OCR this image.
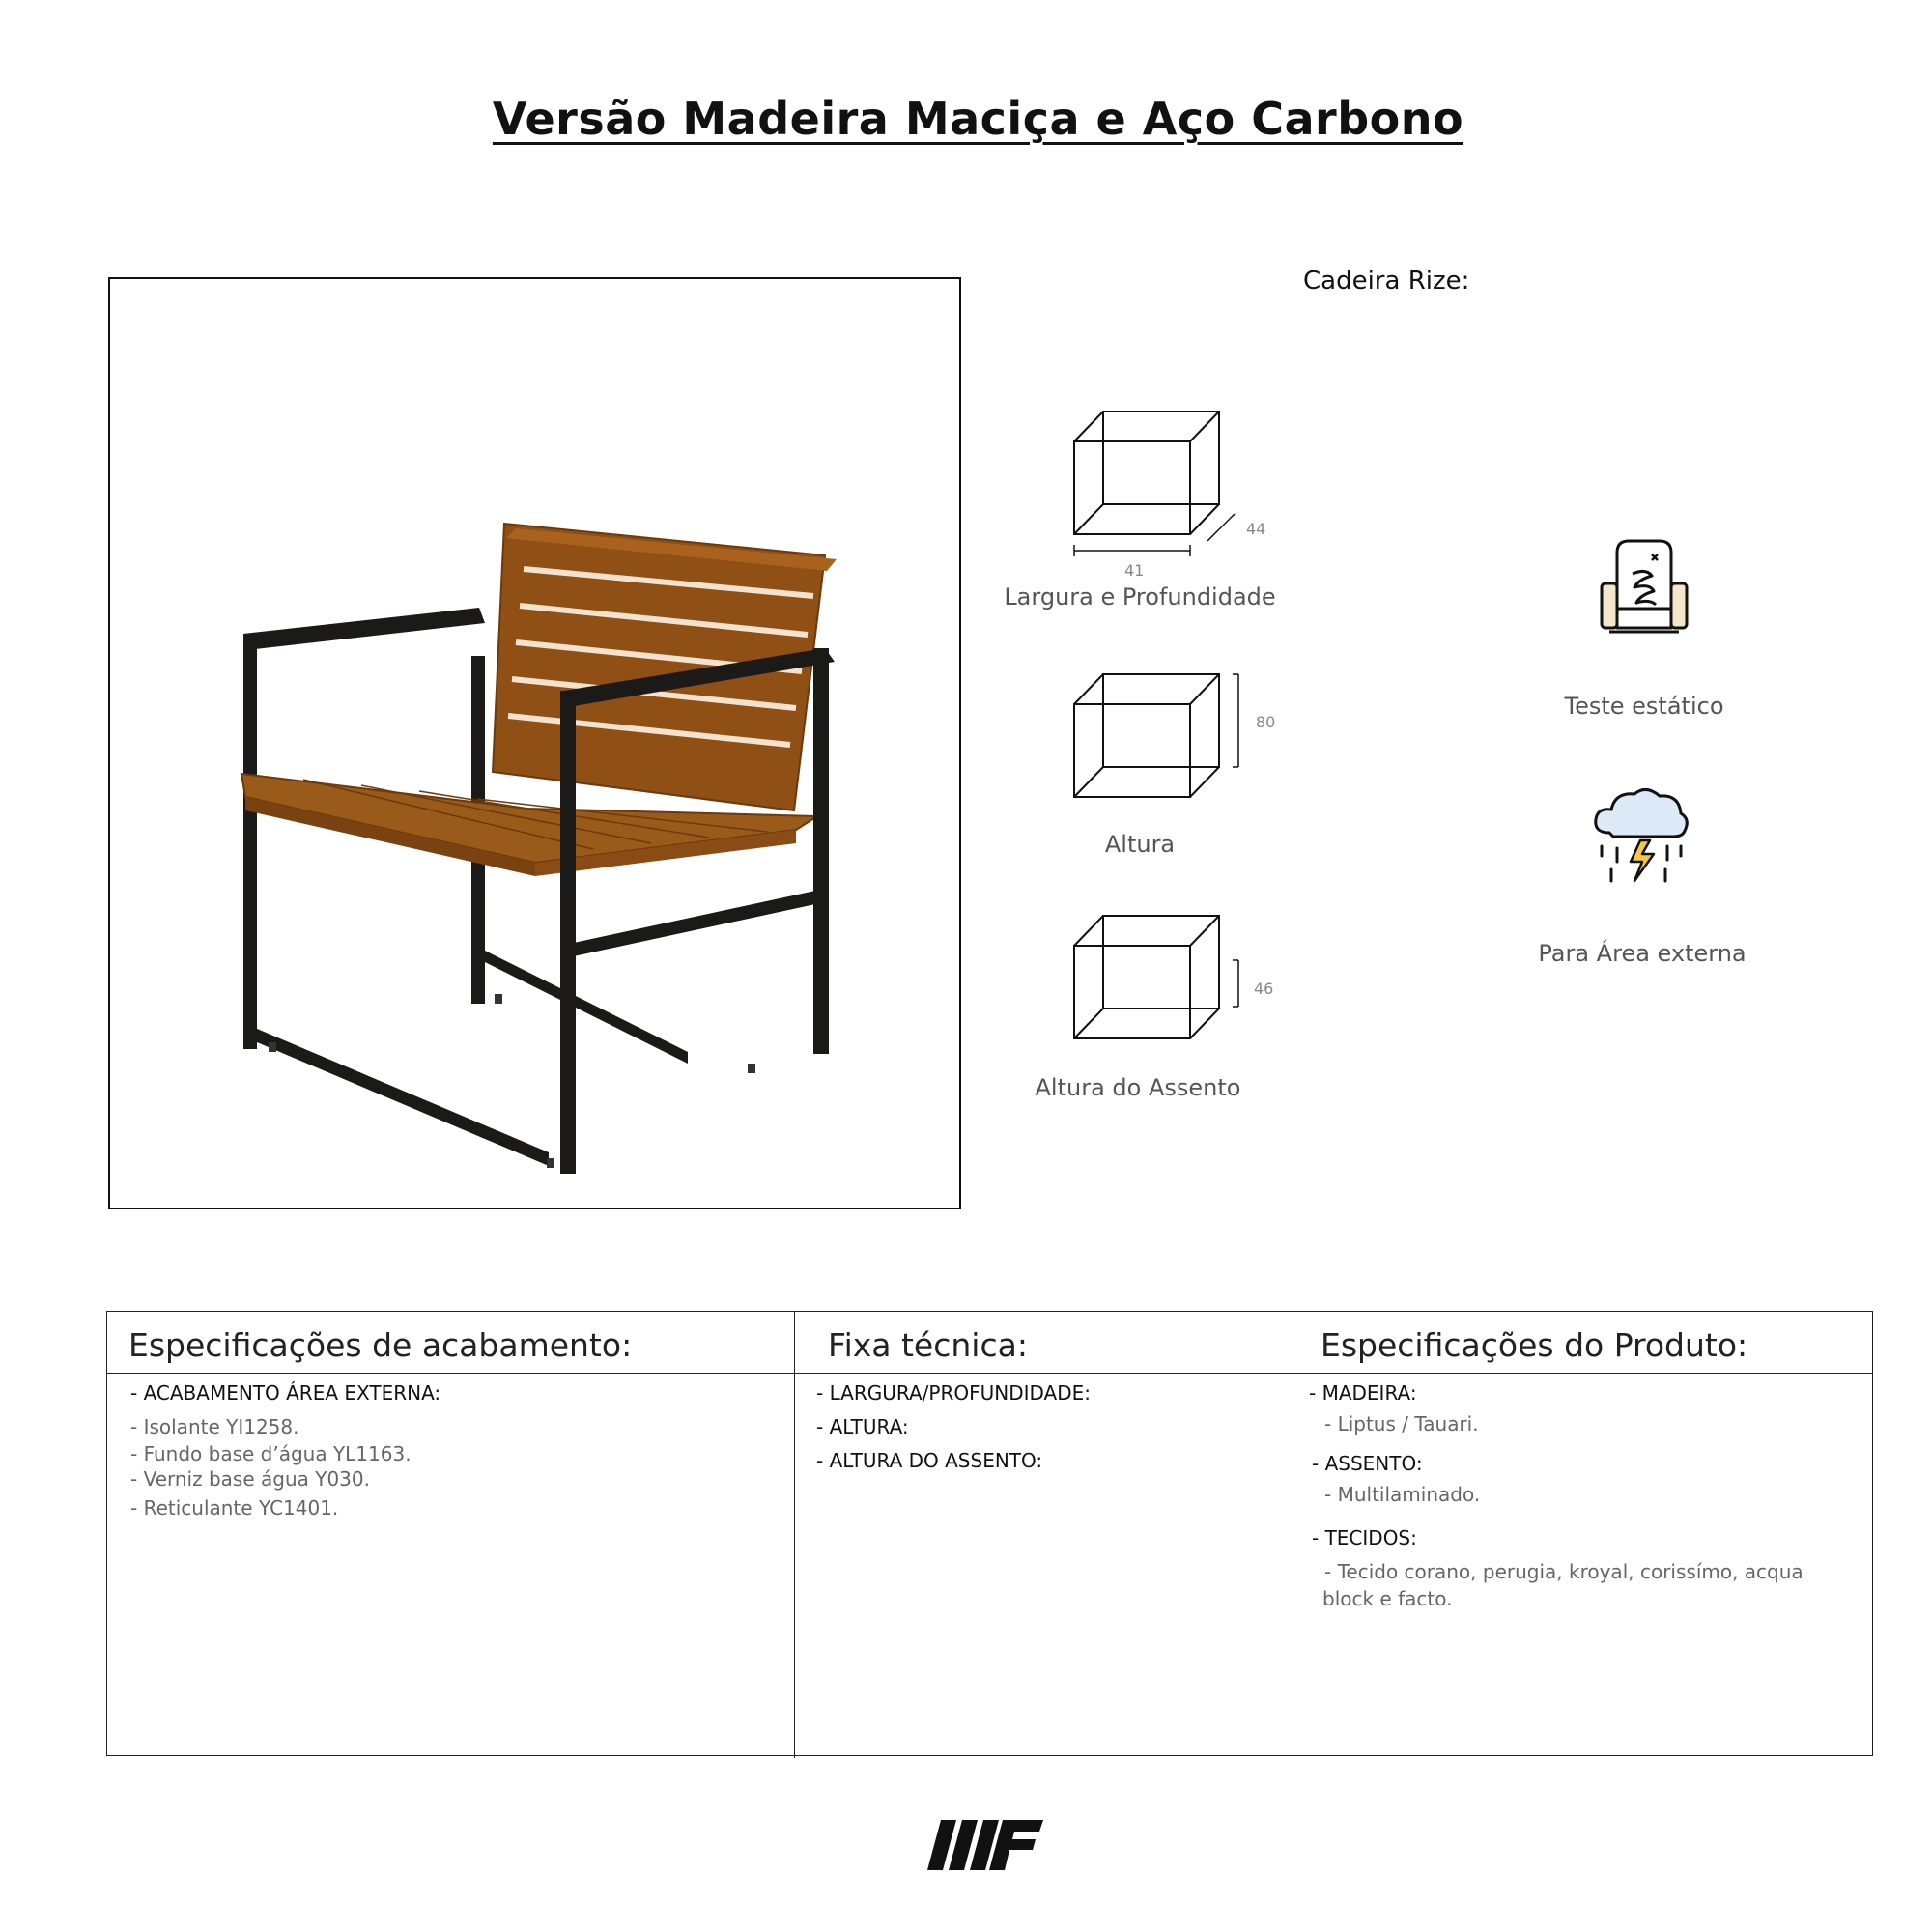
Versão Madeira Maciça e Aço Carbono
Cadeira Rize:
44
41
Largura e Profundidade
80
Altura
46
Altura do Assento
Teste estático
Para Área externa
Especificações de acabamento:	Fixa técnica:	Especificações do Produto:
- ACABAMENTO ÁREA EXTERNA:
- Isolante YI1258.
- Fundo base d’água YL1163.
- Verniz base água Y030.
- Reticulante YC1401.
- LARGURA/PROFUNDIDADE:
- ALTURA:
- ALTURA DO ASSENTO:
- MADEIRA:
- Liptus / Tauari.
- ASSENTO:
- Multilaminado.
- TECIDOS:
- Tecido corano, perugia, kroyal, corissímo, acqua
block e facto.
